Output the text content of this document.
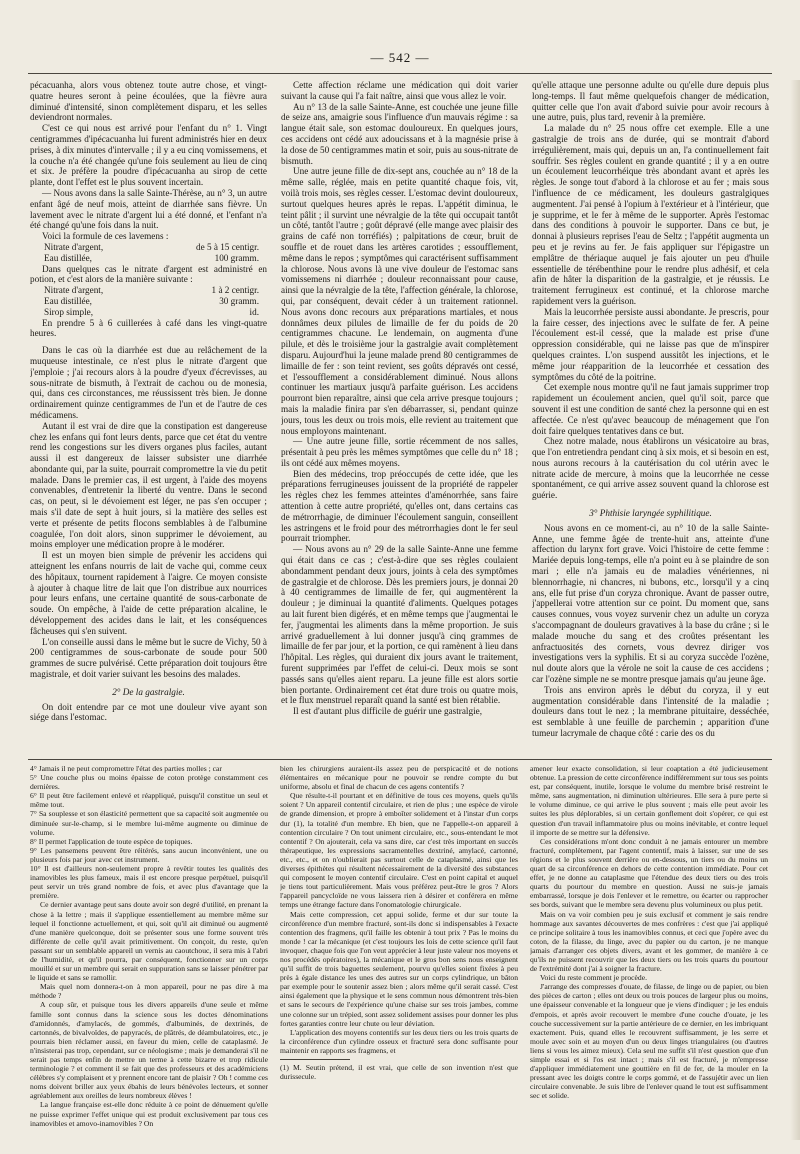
— 542 —

pécacuanha, alors vous obtenez toute autre chose, et vingt-quatre heures seront à peine écoulées, que la fièvre aura diminué d'intensité, sinon complètement disparu, et les selles deviendront normales.

C'est ce qui nous est arrivé pour l'enfant du n° 1. Vingt centigrammes d'ipécacuanha lui furent administrés hier en deux prises, à dix minutes d'intervalle ; il y a eu cinq vomissemens, et la couche n'a été changée qu'une fois seulement au lieu de cinq et six. Je préfère la poudre d'ipécacuanha au sirop de cette plante, dont l'effet est le plus souvent incertain.

— Nous avons dans la salle Sainte-Thérèse, au n° 3, un autre enfant âgé de neuf mois, atteint de diarrhée sans fièvre. Un lavement avec le nitrate d'argent lui a été donné, et l'enfant n'a été changé qu'une fois dans la nuit.

Voici la formule de ces lavemens :

Nitrate d'argent,	de 5 à 15 centigr.
Eau distillée,	100 gramm.

Dans quelques cas le nitrate d'argent est administré en potion, et c'est alors de la manière suivante :

Nitrate d'argent,	1 à 2 centigr.
Eau distillée,	30 gramm.
Sirop simple,	id.

En prendre 5 à 6 cuillerées à café dans les vingt-quatre heures.

Dans le cas où la diarrhée est due au relâchement de la muqueuse intestinale, ce n'est plus le nitrate d'argent que j'emploie ; j'ai recours alors à la poudre d'yeux d'écrevisses, au sous-nitrate de bismuth, à l'extrait de cachou ou de monesia, qui, dans ces circonstances, me réussissent très bien. Je donne ordinairement quinze centigrammes de l'un et de l'autre de ces médicamens.

Autant il est vrai de dire que la constipation est dangereuse chez les enfans qui font leurs dents, parce que cet état du ventre rend les congestions sur les divers organes plus faciles, autant aussi il est dangereux de laisser subsister une diarrhée abondante qui, par la suite, pourrait compromettre la vie du petit malade. Dans le premier cas, il est urgent, à l'aide des moyens convenables, d'entretenir la liberté du ventre. Dans le second cas, on peut, si le dévoiement est léger, ne pas s'en occuper ; mais s'il date de sept à huit jours, si la matière des selles est verte et présente de petits flocons semblables à de l'albumine coagulée, l'on doit alors, sinon supprimer le dévoiement, au moins employer une médication propre à le modérer.

Il est un moyen bien simple de prévenir les accidens qui atteignent les enfans nourris de lait de vache qui, comme ceux des hôpitaux, tournent rapidement à l'aigre. Ce moyen consiste à ajouter à chaque litre de lait que l'on distribue aux nourrices pour leurs enfans, une certaine quantité de sous-carbonate de soude. On empêche, à l'aide de cette préparation alcaline, le développement des acides dans le lait, et les conséquences fâcheuses qui s'en suivent.

L'on conseille aussi dans le même but le sucre de Vichy, 50 à 200 centigrammes de sous-carbonate de soude pour 500 grammes de sucre pulvérisé. Cette préparation doit toujours être magistrale, et doit varier suivant les besoins des malades.

2° De la gastralgie.

On doit entendre par ce mot une douleur vive ayant son siége dans l'estomac.

Cette affection réclame une médication qui doit varier suivant la cause qui l'a fait naître, ainsi que vous allez le voir.

Au n° 13 de la salle Sainte-Anne, est couchée une jeune fille de seize ans, amaigrie sous l'influence d'un mauvais régime : sa langue était sale, son estomac douloureux. En quelques jours, ces accidens ont cédé aux adoucissans et à la magnésie prise à la dose de 50 centigrammes matin et soir, puis au sous-nitrate de bismuth.

Une autre jeune fille de dix-sept ans, couchée au n° 18 de la même salle, réglée, mais en petite quantité chaque fois, vit, voilà trois mois, ses règles cesser. L'estomac devint douloureux, surtout quelques heures après le repas. L'appétit diminua, le teint pâlit ; il survint une névralgie de la tête qui occupait tantôt un côté, tantôt l'autre ; goût dépravé (elle mange avec plaisir des grains de café non torréfiés) ; palpitations de cœur, bruit de souffle et de rouet dans les artères carotides ; essoufflement, même dans le repos ; symptômes qui caractérisent suffisamment la chlorose. Nous avons là une vive douleur de l'estomac sans vomissemens ni diarrhée ; douleur reconnaissant pour cause, ainsi que la névralgie de la tête, l'affection générale, la chlorose, qui, par conséquent, devait céder à un traitement rationnel. Nous avons donc recours aux préparations martiales, et nous donnâmes deux pilules de limaille de fer du poids de 20 centigrammes chacune. Le lendemain, on augmenta d'une pilule, et dès le troisième jour la gastralgie avait complètement disparu. Aujourd'hui la jeune malade prend 80 centigrammes de limaille de fer : son teint revient, ses goûts dépravés ont cessé, et l'essoufflement a considérablement diminué. Nous allons continuer les martiaux jusqu'à parfaite guérison. Les accidens pourront bien reparaître, ainsi que cela arrive presque toujours ; mais la maladie finira par s'en débarrasser, si, pendant quinze jours, tous les deux ou trois mois, elle revient au traitement que nous employons maintenant.

— Une autre jeune fille, sortie récemment de nos salles, présentait à peu près les mêmes symptômes que celle du n° 18 ; ils ont cédé aux mêmes moyens.

Bien des médecins, trop préoccupés de cette idée, que les préparations ferrugineuses jouissent de la propriété de rappeler les règles chez les femmes atteintes d'aménorrhée, sans faire attention à cette autre propriété, qu'elles ont, dans certains cas de métrorrhagie, de diminuer l'écoulement sanguin, conseillent les astringens et le froid pour des métrorrhagies dont le fer seul pourrait triompher.

— Nous avons au n° 29 de la salle Sainte-Anne une femme qui était dans ce cas ; c'est-à-dire que ses règles coulaient abondamment pendant deux jours, joints à cela des symptômes de gastralgie et de chlorose. Dès les premiers jours, je donnai 20 à 40 centigrammes de limaille de fer, qui augmentèrent la douleur ; je diminuai la quantité d'aliments. Quelques potages au lait furent bien digérés, et en même temps que j'augmentai le fer, j'augmentai les aliments dans la même proportion. Je suis arrivé graduellement à lui donner jusqu'à cinq grammes de limaille de fer par jour, et la portion, ce qui ramènent à lieu dans l'hôpital. Les règles, qui duraient dix jours avant le traitement, furent supprimées par l'effet de celui-ci. Deux mois se sont passés sans qu'elles aient reparu. La jeune fille est alors sortie bien portante. Ordinairement cet état dure trois ou quatre mois, et le flux menstruel reparaît quand la santé est bien rétablie.

Il est d'autant plus difficile de guérir une gastralgie,

qu'elle attaque une personne adulte ou qu'elle dure depuis plus long-temps. Il faut même quelquefois changer de médication, quitter celle que l'on avait d'abord suivie pour avoir recours à une autre, puis, plus tard, revenir à la première.

La malade du n° 25 nous offre cet exemple. Elle a une gastralgie de trois ans de durée, qui se montrait d'abord irrégulièrement, mais qui, depuis un an, l'a continuellement fait souffrir. Ses règles coulent en grande quantité ; il y a en outre un écoulement leucorrhéique très abondant avant et après les règles. Je songe tout d'abord à la chlorose et au fer ; mais sous l'influence de ce médicament, les douleurs gastralgiques augmentent. J'ai pensé à l'opium à l'extérieur et à l'intérieur, que je supprime, et le fer à même de le supporter. Après l'estomac dans des conditions à pouvoir le supporter. Dans ce but, je donnai à plusieurs reprises l'eau de Seltz ; l'appétit augmenta un peu et je revins au fer. Je fais appliquer sur l'épigastre un emplâtre de thériaque auquel je fais ajouter un peu d'huile essentielle de térébenthine pour le rendre plus adhésif, et cela afin de hâter la disparition de la gastralgie, et je réussis. Le traitement ferrugineux est continué, et la chlorose marche rapidement vers la guérison.

Mais la leucorrhée persiste aussi abondante. Je prescris, pour la faire cesser, des injections avec le sulfate de fer. A peine l'écoulement est-il cessé, que la malade est prise d'une oppression considérable, qui ne laisse pas que de m'inspirer quelques craintes. L'on suspend aussitôt les injections, et le même jour réapparition de la leucorrhée et cessation des symptômes du côté de la poitrine.

Cet exemple nous montre qu'il ne faut jamais supprimer trop rapidement un écoulement ancien, quel qu'il soit, parce que souvent il est une condition de santé chez la personne qui en est affectée. Ce n'est qu'avec beaucoup de ménagement que l'on doit faire quelques tentatives dans ce but.

Chez notre malade, nous établirons un vésicatoire au bras, que l'on entretiendra pendant cinq à six mois, et si besoin en est, nous aurons recours à la cautérisation du col utérin avec le nitrate acide de mercure, à moins que la leucorrhée ne cesse spontanément, ce qui arrive assez souvent quand la chlorose est guérie.

3° Phthisie laryngée syphilitique.

Nous avons en ce moment-ci, au n° 10 de la salle Sainte-Anne, une femme âgée de trente-huit ans, atteinte d'une affection du larynx fort grave. Voici l'histoire de cette femme : Mariée depuis long-temps, elle n'a point eu à se plaindre de son mari ; elle n'a jamais eu de maladies vénériennes, ni blennorrhagie, ni chancres, ni bubons, etc., lorsqu'il y a cinq ans, elle fut prise d'un coryza chronique. Avant de passer outre, j'appellerai votre attention sur ce point. Du moment que, sans causes connues, vous voyez survenir chez un adulte un coryza s'accompagnant de douleurs gravatives à la base du crâne ; si le malade mouche du sang et des croûtes présentant les anfractuosités des cornets, vous devrez diriger vos investigations vers la syphilis. Et si au coryza succède l'ozène, nul doute alors que la vérole ne soit la cause de ces accidens ; car l'ozène simple ne se montre presque jamais qu'au jeune âge.

Trois ans environ après le début du coryza, il y eut augmentation considérable dans l'intensité de la maladie ; douleurs dans tout le nez ; la membrane pituitaire, desséchée, est semblable à une feuille de parchemin ; apparition d'une tumeur lacrymale de chaque côté : carie des os du

4° Jamais il ne peut compromettre l'état des parties molles ; car

5° Une couche plus ou moins épaisse de coton protège constamment ces dernières.

6° Il peut être facilement enlevé et réappliqué, puisqu'il constitue un seul et même tout.

7° Sa souplesse et son élasticité permettent que sa capacité soit augmentée ou diminuée sur-le-champ, si le membre lui-même augmente ou diminue de volume.

8° Il permet l'application de toute espèce de topiques.

9° Les pansemens peuvent être réitérés, sans aucun inconvénient, une ou plusieurs fois par jour avec cet instrument.

10° Il est d'ailleurs non-seulement propre à revêtir toutes les qualités des inamovibles les plus fameux, mais il est encore presque perpétuel, puisqu'il peut servir un très grand nombre de fois, et avec plus d'avantage que la première.

Ce dernier avantage peut sans doute avoir son degré d'utilité, en prenant la chose à la lettre ; mais il s'applique essentiellement au membre même sur lequel il fonctionne actuellement, et qui, soit qu'il ait diminué ou augmenté d'une manière quelconque, doit se présenter sous une forme souvent très différente de celle qu'il avait primitivement. On conçoit, du reste, qu'en passant sur un semblable appareil un vernis au caoutchouc, il sera mis à l'abri de l'humidité, et qu'il pourra, par conséquent, fonctionner sur un corps mouillé et sur un membre qui serait en suppuration sans se laisser pénétrer par le liquide et sans se ramollir.

Mais quel nom donnera-t-on à mon appareil, pour ne pas dire à ma méthode ?

A coup sûr, et puisque tous les divers appareils d'une seule et même famille sont connus dans la science sous les doctes dénominations d'amidonnés, d'amylacés, de gommés, d'albuminés, de dextrinés, de cartonnés, de bivalvoïdes, de papyracés, de plâtrés, de déambulatoires, etc., je pourrais bien réclamer aussi, en faveur du mien, celle de cataplasmé. Je n'insisterai pas trop, cependant, sur ce néologisme ; mais je demanderai s'il ne serait pas temps enfin de mettre un terme à cette bizarre et trop ridicule terminologie ? et comment il se fait que des professeurs et des académiciens célèbres s'y complaisent et y prennent encore tant de plaisir ? Oh ! comme ces noms doivent briller aux yeux ébahis de leurs bénévoles lecteurs, et sonner agréablement aux oreilles de leurs nombreux élèves !

La langue française est-elle donc réduite à ce point de dénuement qu'elle ne puisse exprimer l'effet unique qui est produit exclusivement par tous ces inamovibles et amovo-inamovibles ? On

bien les chirurgiens auraient-ils assez peu de perspicacité et de notions élémentaires en mécanique pour ne pouvoir se rendre compte du but uniforme, absolu et final de chacun de ces agens contentifs ?

Que résulte-t-il pourtant et en définitive de tous ces moyens, quels qu'ils soient ? Un appareil contentif circulaire, et rien de plus ; une espèce de virole de grande dimension, et propre à emboîter solidement et à l'instar d'un corps dur (1), la totalité d'un membre. Eh bien, que ne l'appelle-t-on appareil à contention circulaire ? On tout uniment circulaire, etc., sous-entendant le mot contentif ? On ajouterait, cela va sans dire, car c'est très important en succès thérapeutique, les expressions sacramentelles dextriné, amylacé, cartonné, etc., etc., et on n'oublierait pas surtout celle de cataplasmé, ainsi que les diverses épithètes qui résultent nécessairement de la diversité des substances qui composent le moyen contentif circulaire. C'est en point capital et auquel je tiens tout particulièrement. Mais vous préférez peut-être le gros ? Alors l'appareil pancycloïde ne vous laissera rien à désirer et conférera en même temps une étrange facture dans l'onomatologie chirurgicale.

Mais cette compression, cet appui solide, ferme et dur sur toute la circonférence d'un membre fracturé, sont-ils donc si indispensables à l'exacte contention des fragmens, qu'il faille les obtenir à tout prix ? Pas le moins du monde ! car la mécanique (et c'est toujours les lois de cette science qu'il faut invoquer, chaque fois que l'on veut apprécier à leur juste valeur nos moyens et nos procédés opératoires), la mécanique et le gros bon sens nous enseignent qu'il suffit de trois baguettes seulement, pourvu qu'elles soient fixées à peu près à égale distance les unes des autres sur un corps cylindrique, un bâton par exemple pour le soutenir assez bien ; alors même qu'il serait cassé. C'est ainsi également que la physique et le sens commun nous démontrent très-bien et sans le secours de l'expérience qu'une chaise sur ses trois jambes, comme une colonne sur un trépied, sont assez solidement assises pour donner les plus fortes garanties contre leur chute ou leur déviation.

L'application des moyens contentifs sur les deux tiers ou les trois quarts de la circonférence d'un cylindre osseux et fracturé sera donc suffisante pour maintenir en rapports ses fragmens, et

(1) M. Seutin prétend, il est vrai, que celle de son invention n'est que durissecule.

amener leur exacte consolidation, si leur coaptation a été judicieusement obtenue. La pression de cette circonférence indifféremment sur tous ses points est, par conséquent, inutile, lorsque le volume du membre brisé restreint le même, sans augmentation, ni diminution ultérieures. Elle sera à pure perte si le volume diminue, ce qui arrive le plus souvent ; mais elle peut avoir les suites les plus déplorables, si un certain gonflement doit s'opérer, ce qui est question d'un travail inflammatoire plus ou moins inévitable, et contre lequel il importe de se mettre sur la défensive.

Ces considérations m'ont donc conduit à ne jamais entourer un membre fracturé, complètement, par l'agent contentif, mais à laisser, sur une de ses régions et le plus souvent derrière ou en-dessous, un tiers ou du moins un quart de sa circonférence en dehors de cette contention immédiate. Pour cet effet, je ne donne au cataplasme que l'étendue des deux tiers ou des trois quarts du pourtour du membre en question. Aussi ne suis-je jamais embarrassé, lorsque je dois l'enlever et le remettre, ou écarter ou rapprocher ses bords, suivant que le membre sera devenu plus volumineux ou plus petit.

Mais on va voir combien peu je suis exclusif et comment je sais rendre hommage aux savantes découvertes de mes confrères : c'est que j'ai appliqué ce principe solitaire à tous les inamovibles connus, et ceci que j'opère avec du coton, de la filasse, du linge, avec du papier ou du carton, je ne manque jamais d'arranger ces objets divers, avant et les gommer, de manière à ce qu'ils ne puissent recouvrir que les deux tiers ou les trois quarts du pourtour de l'extrémité dont j'ai à soigner la fracture.

Voici du reste comment je procède.

J'arrange des compresses d'ouate, de filasse, de linge ou de papier, ou bien des pièces de carton ; elles ont deux ou trois pouces de largeur plus ou moins, une épaisseur convenable et la longueur que je viens d'indiquer ; je les enduis d'empois, et après avoir recouvert le membre d'une couche d'ouate, je les couche successivement sur la partie antérieure de ce dernier, en les imbriquant exactement. Puis, quand elles le recouvrent suffisamment, je les serre et moule avec soin et au moyen d'un ou deux linges triangulaires (ou d'autres liens si vous les aimez mieux). Cela seul me suffit s'il n'est question que d'un simple essai et si l'os est intact ; mais s'il est fracturé, je m'empresse d'appliquer immédiatement une gouttière en fil de fer, de la mouler en la pressant avec les doigts contre le corps gommé, et de l'assujétir avec un lien circulaire convenable. Je suis libre de l'enlever quand le tout est suffisamment sec et solide.
